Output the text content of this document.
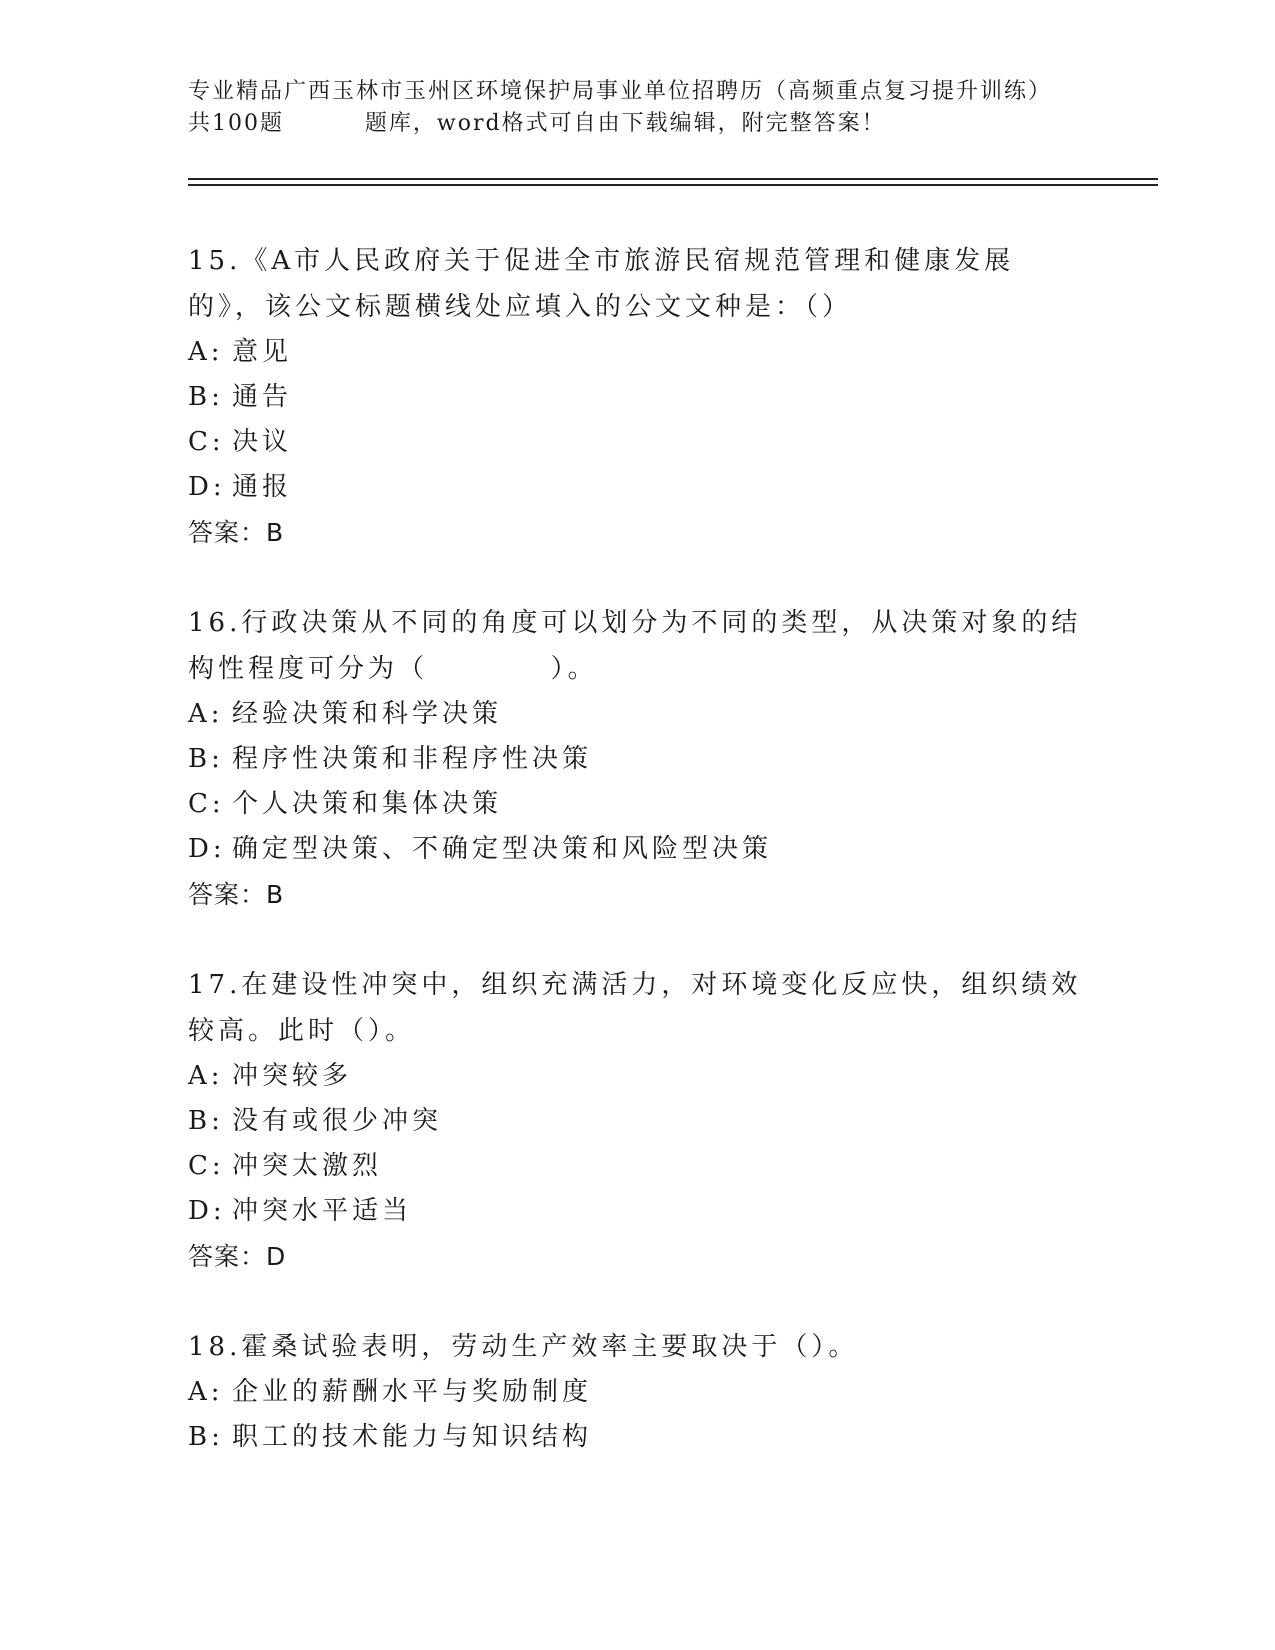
专业精品广西玉林市玉州区环境保护局事业单位招聘历（高频重点复习提升训练）
共100题         题库，word格式可自由下载编辑，附完整答案！
15.《A市人民政府关于促进全市旅游民宿规范管理和健康发展的》，该公文标题横线处应填入的公文文种是：（）
A: 意见
B: 通告
C: 决议
D: 通报
答案：B
16.行政决策从不同的角度可以划分为不同的类型，从决策对象的结构性程度可分为（          ）。
A: 经验决策和科学决策
B: 程序性决策和非程序性决策
C: 个人决策和集体决策
D: 确定型决策、不确定型决策和风险型决策
答案：B
17.在建设性冲突中，组织充满活力，对环境变化反应快，组织绩效较高。此时（）。
A: 冲突较多
B: 没有或很少冲突
C: 冲突太激烈
D: 冲突水平适当
答案：D
18.霍桑试验表明，劳动生产效率主要取决于（）。
A: 企业的薪酬水平与奖励制度
B: 职工的技术能力与知识结构
